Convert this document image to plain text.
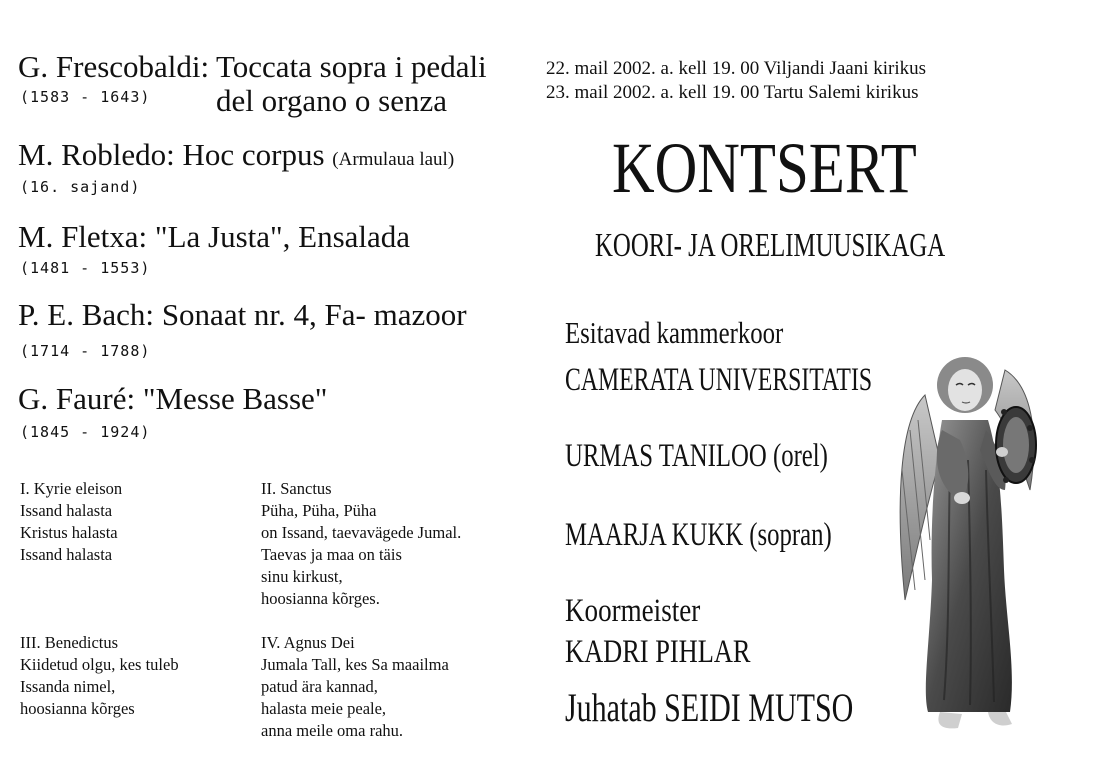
G. Frescobaldi: Toccata sopra i pedali
del organo o senza
(1583 - 1643)
M. Robledo: Hoc corpus (Armulaua laul)
(16. sajand)
M. Fletxa: "La Justa", Ensalada
(1481 - 1553)
P. E. Bach: Sonaat nr. 4, Fa- mazoor
(1714 - 1788)
G. Fauré: "Messe Basse"
(1845 - 1924)
I. Kyrie eleison
Issand halasta
Kristus halasta
Issand halasta
II. Sanctus
Püha, Püha, Püha
on Issand, taevavägede Jumal.
Taevas ja maa on täis
sinu kirkust,
hoosianna kõrges.
III. Benedictus
Kiidetud olgu, kes tuleb
Issanda nimel,
hoosianna kõrges
IV. Agnus Dei
Jumala Tall, kes Sa maailma
patud ära kannad,
halasta meie peale,
anna meile oma rahu.
22. mail 2002. a. kell 19. 00 Viljandi Jaani kirikus
23. mail 2002. a. kell 19. 00 Tartu Salemi kirikus
KONTSERT
KOORI- JA ORELIMUUSIKAGA
Esitavad kammerkoor
CAMERATA UNIVERSITATIS
URMAS TANILOO (orel)
MAARJA KUKK (sopran)
Koormeister
KADRI PIHLAR
Juhatab SEIDI MUTSO
